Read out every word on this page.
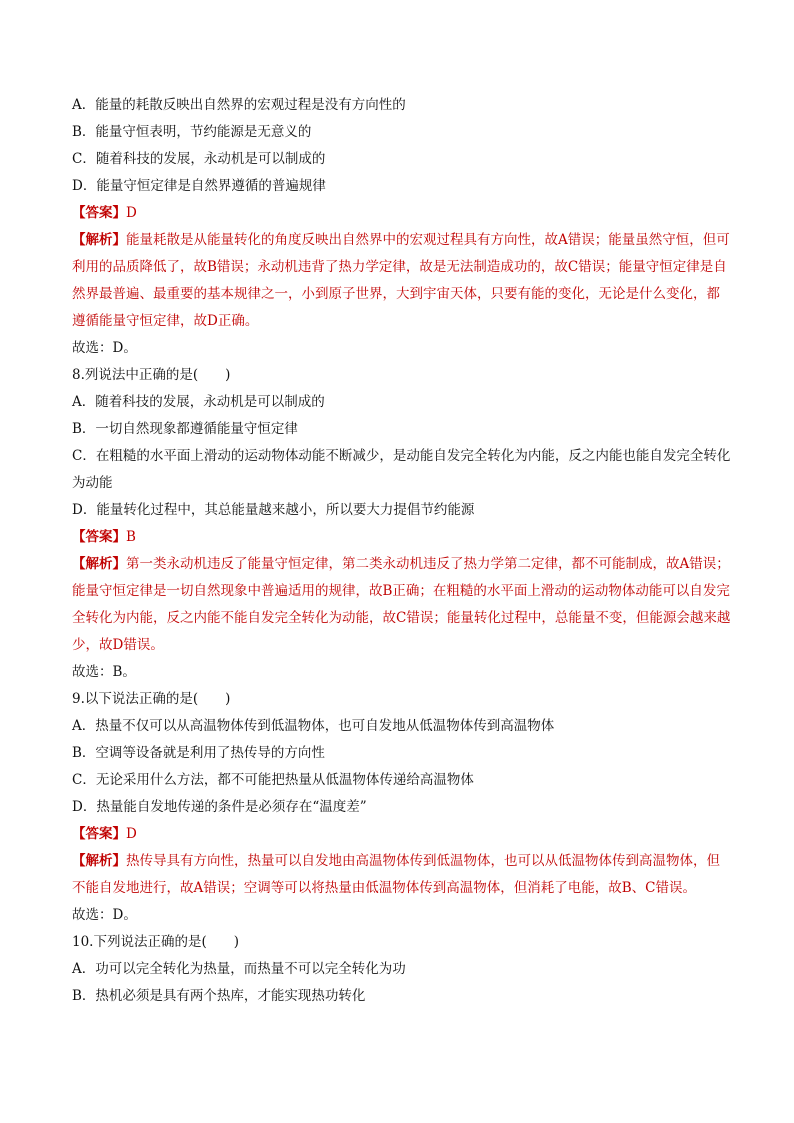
A．能量的耗散反映出自然界的宏观过程是没有方向性的
B．能量守恒表明，节约能源是无意义的
C．随着科技的发展，永动机是可以制成的
D．能量守恒定律是自然界遵循的普遍规律
【答案】D
【解析】能量耗散是从能量转化的角度反映出自然界中的宏观过程具有方向性，故A错误；能量虽然守恒，但可利用的品质降低了，故B错误；永动机违背了热力学定律，故是无法制造成功的，故C错误；能量守恒定律是自然界最普遍、最重要的基本规律之一，小到原子世界，大到宇宙天体，只要有能的变化，无论是什么变化，都遵循能量守恒定律，故D正确。
故选：D。
8.列说法中正确的是(　　)
A．随着科技的发展，永动机是可以制成的
B．一切自然现象都遵循能量守恒定律
C．在粗糙的水平面上滑动的运动物体动能不断减少，是动能自发完全转化为内能，反之内能也能自发完全转化为动能
D．能量转化过程中，其总能量越来越小，所以要大力提倡节约能源
【答案】B
【解析】第一类永动机违反了能量守恒定律，第二类永动机违反了热力学第二定律，都不可能制成，故A错误；能量守恒定律是一切自然现象中普遍适用的规律，故B正确；在粗糙的水平面上滑动的运动物体动能可以自发完全转化为内能，反之内能不能自发完全转化为动能，故C错误；能量转化过程中，总能量不变，但能源会越来越少，故D错误。
故选：B。
9.以下说法正确的是(　　)
A．热量不仅可以从高温物体传到低温物体，也可自发地从低温物体传到高温物体
B．空调等设备就是利用了热传导的方向性
C．无论采用什么方法，都不可能把热量从低温物体传递给高温物体
D．热量能自发地传递的条件是必须存在“温度差”
【答案】D
【解析】热传导具有方向性，热量可以自发地由高温物体传到低温物体，也可以从低温物体传到高温物体，但不能自发地进行，故A错误；空调等可以将热量由低温物体传到高温物体，但消耗了电能，故B、C错误。
故选：D。
10.下列说法正确的是(　　)
A．功可以完全转化为热量，而热量不可以完全转化为功
B．热机必须是具有两个热库，才能实现热功转化
